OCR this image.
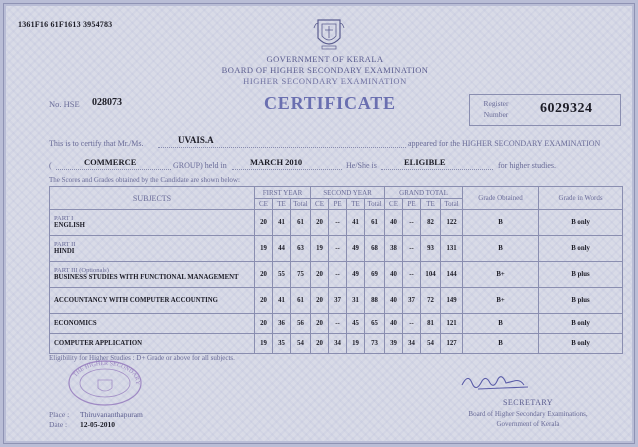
1361F16 61F1613 3954783
GOVERNMENT OF KERALA
BOARD OF HIGHER SECONDARY EXAMINATION
HIGHER SECONDARY EXAMINATION
No. HSE 028073	CERTIFICATE	Register
Number	6029324
This is to certify that Mr./Ms.	UVAIS.A	appeared for the HIGHER SECONDARY EXAMINATION
(	COMMERCE	GROUP) held in	MARCH 2010	He/She is	ELIGIBLE	for higher studies.
The Scores and Grades obtained by the Candidate are shown below:
SUBJECTS	FIRST YEAR			SECOND YEAR				GRAND TOTAL				Grade Obtained	Grade in Words
	CE	TE	Total	CE	PE	TE	Total	CE	PE	TE	Total		

PART I
ENGLISH	20	41	61	20	--	41	61	40	--	82	122	B	B only

PART II
HINDI	19	44	63	19	--	49	68	38	--	93	131	B	B only

PART III (Optionals)
BUSINESS STUDIES WITH FUNCTIONAL MANAGEMENT	20	55	75	20	--	49	69	40	--	104	144	B+	B plus

ACCOUNTANCY WITH COMPUTER ACCOUNTING	20	41	61	20	37	31	88	40	37	72	149	B+	B plus

ECONOMICS	20	36	56	20	--	45	65	40	--	81	121	B	B only

COMPUTER APPLICATION	19	35	54	20	34	19	73	39	34	54	127	B	B only
Eligibility for Higher Studies : D+ Grade or above for all subjects.
THE HIGHER SECONDARY
Place : Thiruvananthapuram
Date : 12-05-2010
SECRETARY
Board of Higher Secondary Examinations,
Government of Kerala
